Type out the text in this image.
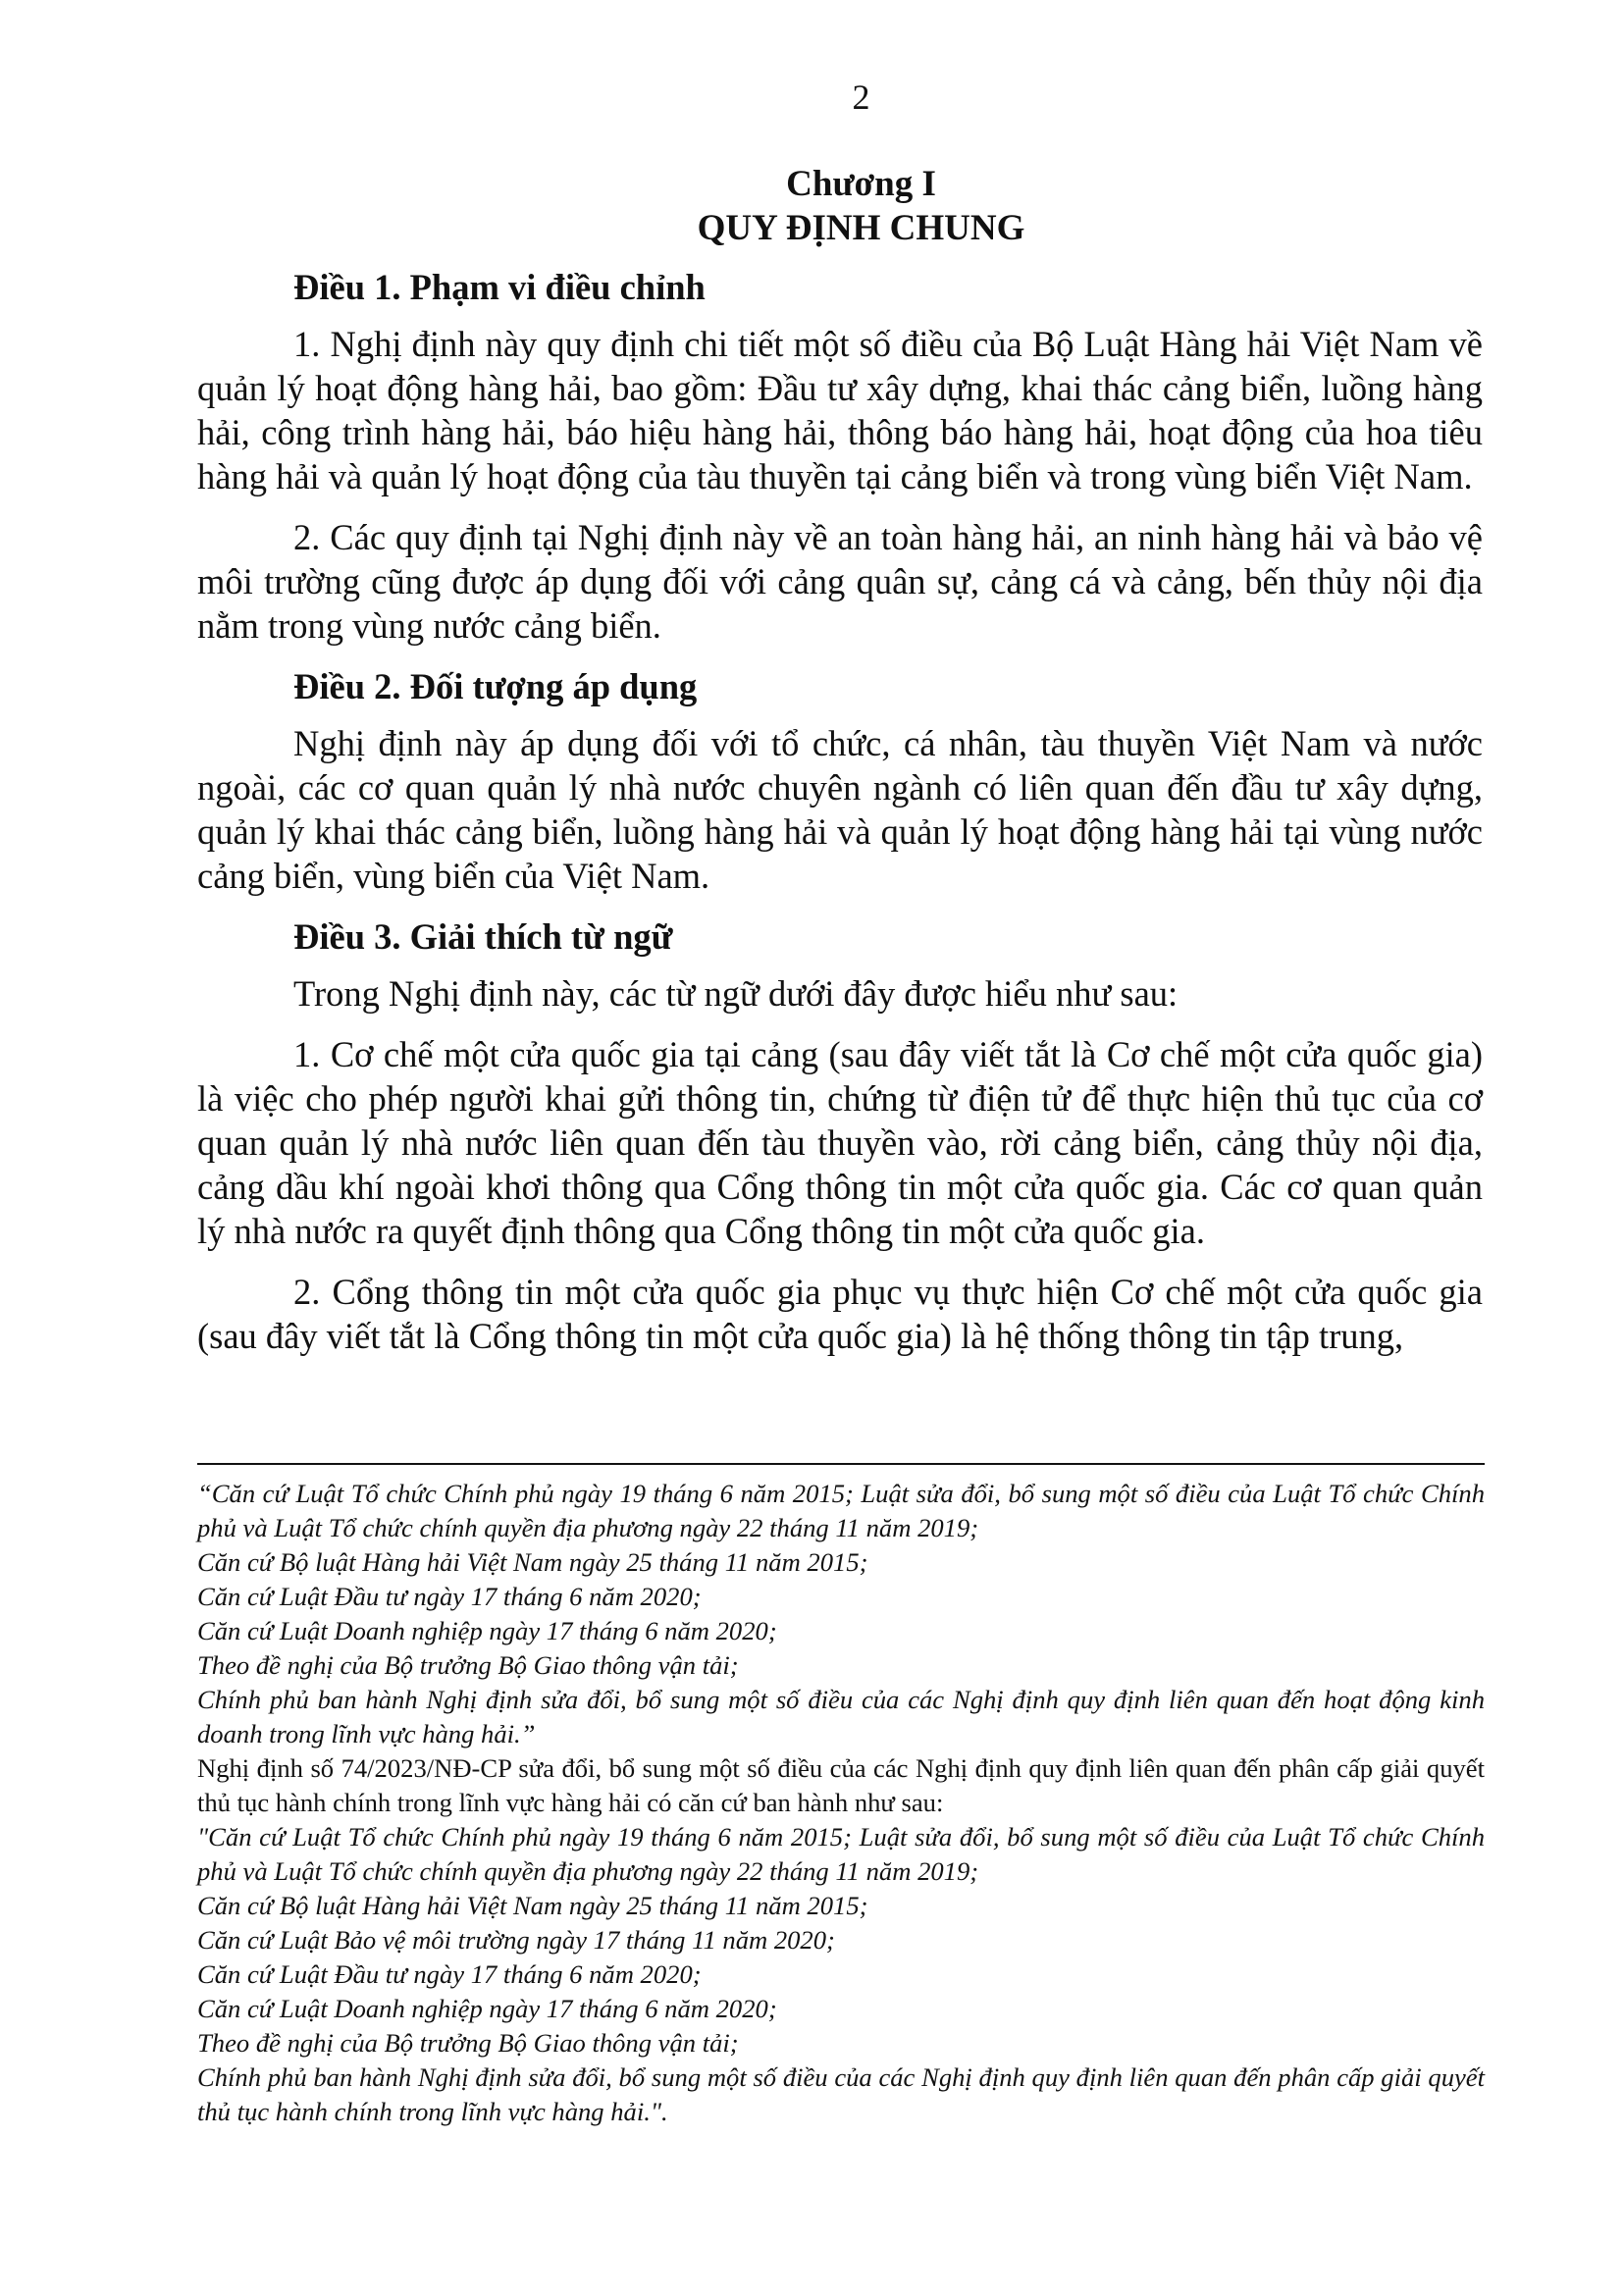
2
Chương I
QUY ĐỊNH CHUNG
Điều 1. Phạm vi điều chỉnh

1. Nghị định này quy định chi tiết một số điều của Bộ Luật Hàng hải Việt Nam về quản lý hoạt động hàng hải, bao gồm: Đầu tư xây dựng, khai thác cảng biển, luồng hàng hải, công trình hàng hải, báo hiệu hàng hải, thông báo hàng hải, hoạt động của hoa tiêu hàng hải và quản lý hoạt động của tàu thuyền tại cảng biển và trong vùng biển Việt Nam.

2. Các quy định tại Nghị định này về an toàn hàng hải, an ninh hàng hải và bảo vệ môi trường cũng được áp dụng đối với cảng quân sự, cảng cá và cảng, bến thủy nội địa nằm trong vùng nước cảng biển.

Điều 2. Đối tượng áp dụng

Nghị định này áp dụng đối với tổ chức, cá nhân, tàu thuyền Việt Nam và nước ngoài, các cơ quan quản lý nhà nước chuyên ngành có liên quan đến đầu tư xây dựng, quản lý khai thác cảng biển, luồng hàng hải và quản lý hoạt động hàng hải tại vùng nước cảng biển, vùng biển của Việt Nam.

Điều 3. Giải thích từ ngữ

Trong Nghị định này, các từ ngữ dưới đây được hiểu như sau:

1. Cơ chế một cửa quốc gia tại cảng (sau đây viết tắt là Cơ chế một cửa quốc gia) là việc cho phép người khai gửi thông tin, chứng từ điện tử để thực hiện thủ tục của cơ quan quản lý nhà nước liên quan đến tàu thuyền vào, rời cảng biển, cảng thủy nội địa, cảng dầu khí ngoài khơi thông qua Cổng thông tin một cửa quốc gia. Các cơ quan quản lý nhà nước ra quyết định thông qua Cổng thông tin một cửa quốc gia.

2. Cổng thông tin một cửa quốc gia phục vụ thực hiện Cơ chế một cửa quốc gia (sau đây viết tắt là Cổng thông tin một cửa quốc gia) là hệ thống thông tin tập trung,

“Căn cứ Luật Tổ chức Chính phủ ngày 19 tháng 6 năm 2015; Luật sửa đổi, bổ sung một số điều của Luật Tổ chức Chính phủ và Luật Tổ chức chính quyền địa phương ngày 22 tháng 11 năm 2019;

Căn cứ Bộ luật Hàng hải Việt Nam ngày 25 tháng 11 năm 2015;

Căn cứ Luật Đầu tư ngày 17 tháng 6 năm 2020;

Căn cứ Luật Doanh nghiệp ngày 17 tháng 6 năm 2020;

Theo đề nghị của Bộ trưởng Bộ Giao thông vận tải;

Chính phủ ban hành Nghị định sửa đổi, bổ sung một số điều của các Nghị định quy định liên quan đến hoạt động kinh doanh trong lĩnh vực hàng hải.”

Nghị định số 74/2023/NĐ-CP sửa đổi, bổ sung một số điều của các Nghị định quy định liên quan đến phân cấp giải quyết thủ tục hành chính trong lĩnh vực hàng hải có căn cứ ban hành như sau:

"Căn cứ Luật Tổ chức Chính phủ ngày 19 tháng 6 năm 2015; Luật sửa đổi, bổ sung một số điều của Luật Tổ chức Chính phủ và Luật Tổ chức chính quyền địa phương ngày 22 tháng 11 năm 2019;

Căn cứ Bộ luật Hàng hải Việt Nam ngày 25 tháng 11 năm 2015;

Căn cứ Luật Bảo vệ môi trường ngày 17 tháng 11 năm 2020;

Căn cứ Luật Đầu tư ngày 17 tháng 6 năm 2020;

Căn cứ Luật Doanh nghiệp ngày 17 tháng 6 năm 2020;

Theo đề nghị của Bộ trưởng Bộ Giao thông vận tải;

Chính phủ ban hành Nghị định sửa đổi, bổ sung một số điều của các Nghị định quy định liên quan đến phân cấp giải quyết thủ tục hành chính trong lĩnh vực hàng hải.".
